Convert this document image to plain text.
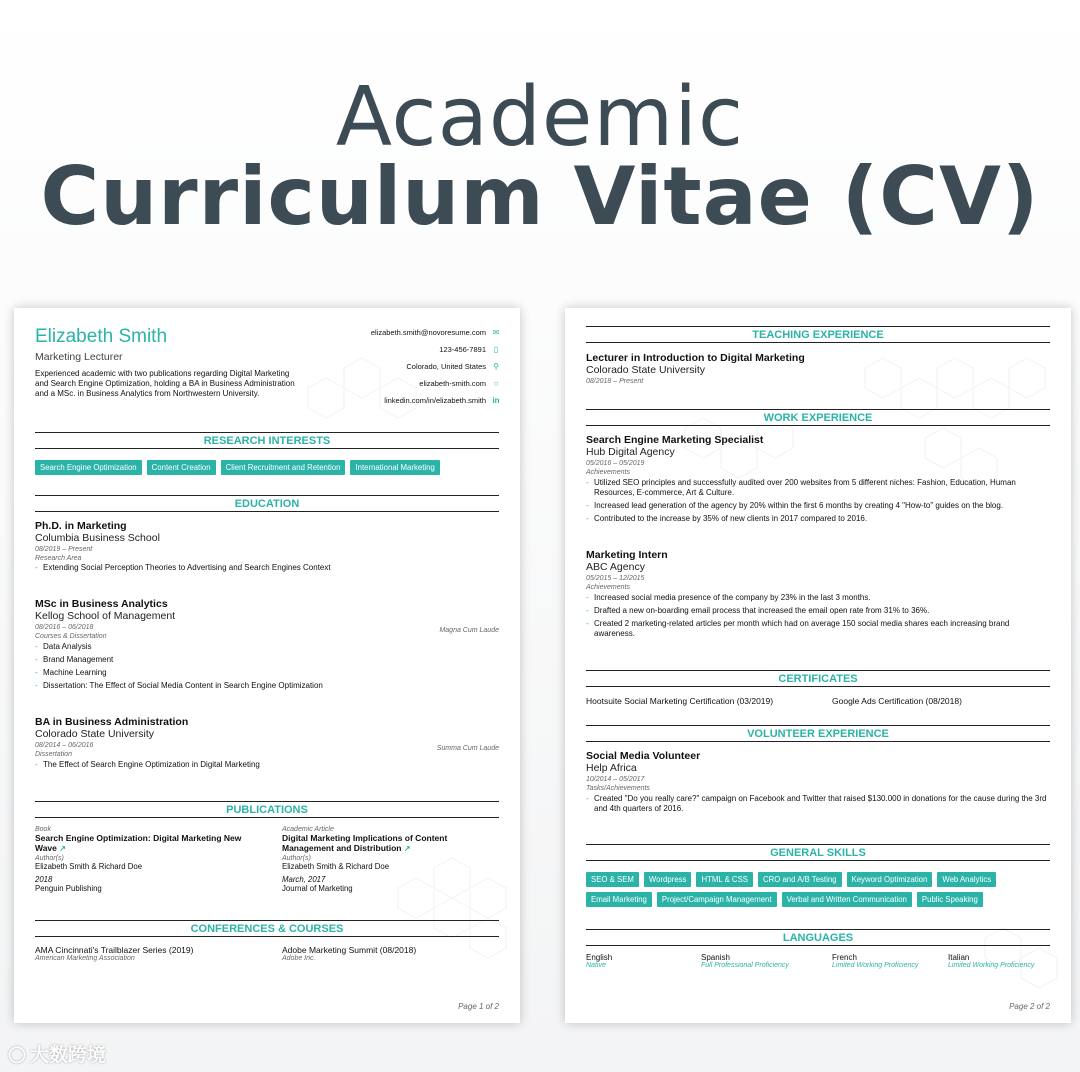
Academic
Curriculum Vitae (CV)
Elizabeth Smith
Marketing Lecturer
Experienced academic with two publications regarding Digital Marketing and Search Engine Optimization, holding a BA in Business Administration and a MSc. in Business Analytics from Northwestern University.
elizabeth.smith@novoresume.com ✉
123-456-7891 ▯
Colorado, United States ⚲
elizabeth-smith.com ○
linkedin.com/in/elizabeth.smith in
RESEARCH INTERESTS
Search Engine Optimization	Content Creation	Client Recruitment and Retention	International Marketing
EDUCATION
Ph.D. in Marketing
Columbia Business School
08/2019 – Present
Research Area
- Extending Social Perception Theories to Advertising and Search Engines Context
MSc in Business Analytics
Kellog School of Management
08/2016 – 06/2018
Courses & Dissertation
- Data Analysis
- Brand Management
- Machine Learning
- Dissertation: The Effect of Social Media Content in Search Engine Optimization
Magna Cum Laude
BA in Business Administration
Colorado State University
08/2014 – 06/2016
Dissertation
- The Effect of Search Engine Optimization in Digital Marketing
Summa Cum Laude
PUBLICATIONS
Book
Search Engine Optimization: Digital Marketing New Wave ↗
Author(s)
Elizabeth Smith & Richard Doe
2018
Penguin Publishing
Academic Article
Digital Marketing Implications of Content Management and Distribution ↗
Author(s)
Elizabeth Smith & Richard Doe
March, 2017
Journal of Marketing
CONFERENCES & COURSES
AMA Cincinnati's Trailblazer Series (2019)
American Marketing Association
Adobe Marketing Summit (08/2018)
Adobe Inc.
Page 1 of 2
TEACHING EXPERIENCE
Lecturer in Introduction to Digital Marketing
Colorado State University
08/2018 – Present
WORK EXPERIENCE
Search Engine Marketing Specialist
Hub Digital Agency
05/2016 – 05/2019
Achievements
- Utilized SEO principles and successfully audited over 200 websites from 5 different niches: Fashion, Education, Human Resources, E-commerce, Art & Culture.
- Increased lead generation of the agency by 20% within the first 6 months by creating 4 "How-to" guides on the blog.
- Contributed to the increase by 35% of new clients in 2017 compared to 2016.
Marketing Intern
ABC Agency
05/2015 – 12/2015
Achievements
- Increased social media presence of the company by 23% in the last 3 months.
- Drafted a new on-boarding email process that increased the email open rate from 31% to 36%.
- Created 2 marketing-related articles per month which had on average 150 social media shares each increasing brand awareness.
CERTIFICATES
Hootsuite Social Marketing Certification (03/2019)	Google Ads Certification (08/2018)
VOLUNTEER EXPERIENCE
Social Media Volunteer
Help Africa
10/2014 – 05/2017
Tasks/Achievements
- Created "Do you really care?" campaign on Facebook and Twitter that raised $130.000 in donations for the cause during the 3rd and 4th quarters of 2016.
GENERAL SKILLS
SEO & SEM	Wordpress	HTML & CSS	CRO and A/B Testing	Keyword Optimization	Web Analytics
Email Marketing	Project/Campaign Management	Verbal and Written Communication	Public Speaking
LANGUAGES
English
Native
Spanish
Full Professional Proficiency
French
Limited Working Proficiency
Italian
Limited Working Proficiency
Page 2 of 2
◯ 大数跨境
